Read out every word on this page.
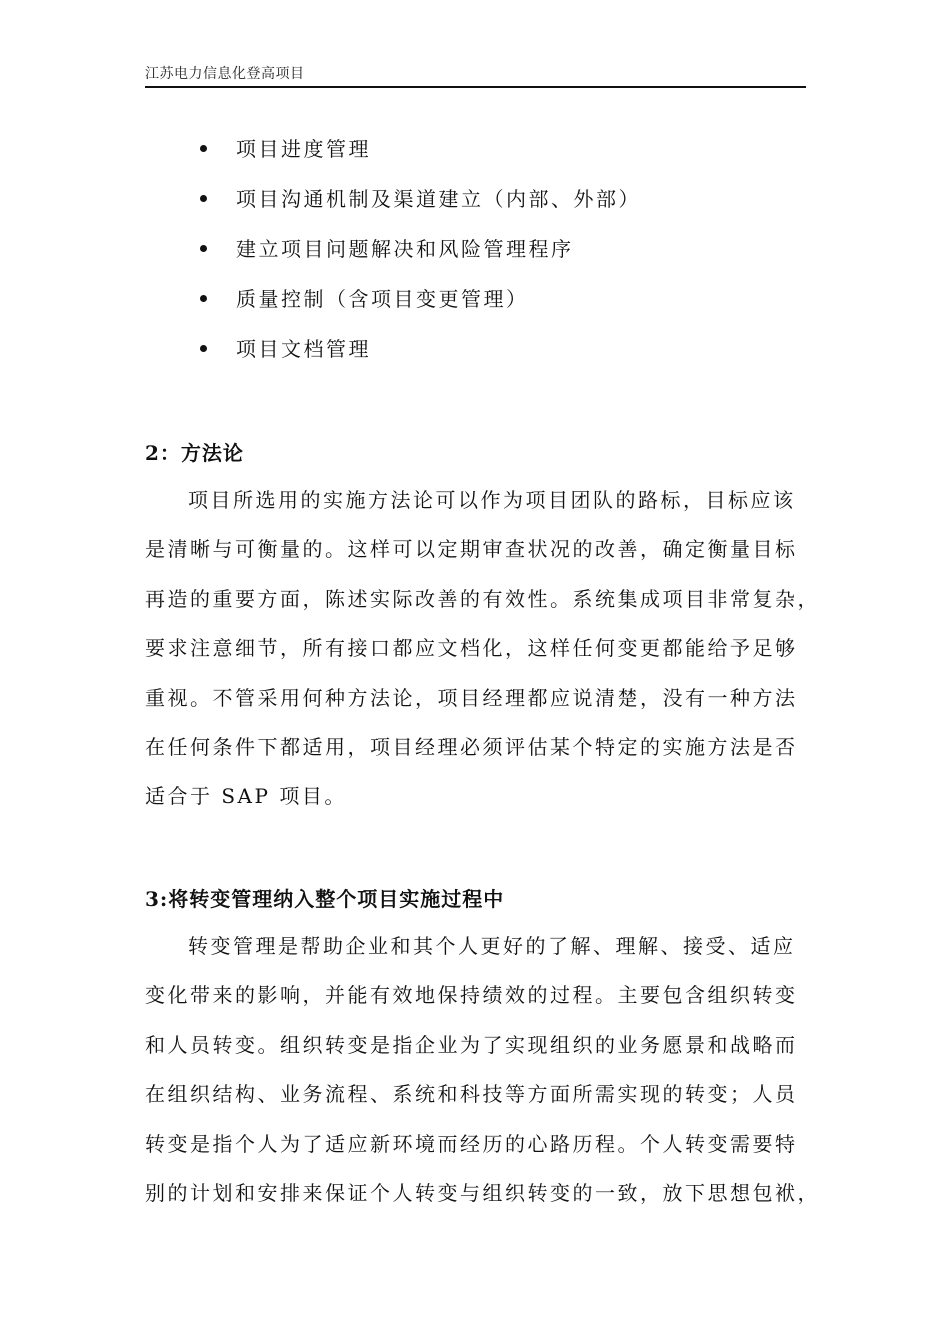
江苏电力信息化登高项目
项目进度管理
项目沟通机制及渠道建立（内部、外部）
建立项目问题解决和风险管理程序
质量控制（含项目变更管理）
项目文档管理
2：方法论
项目所选用的实施方法论可以作为项目团队的路标，目标应该
是清晰与可衡量的。这样可以定期审查状况的改善，确定衡量目标
再造的重要方面，陈述实际改善的有效性。系统集成项目非常复杂，
要求注意细节，所有接口都应文档化，这样任何变更都能给予足够
重视。不管采用何种方法论，项目经理都应说清楚，没有一种方法
在任何条件下都适用，项目经理必须评估某个特定的实施方法是否
适合于 SAP 项目。
3:将转变管理纳入整个项目实施过程中
转变管理是帮助企业和其个人更好的了解、理解、接受、适应
变化带来的影响，并能有效地保持绩效的过程。主要包含组织转变
和人员转变。组织转变是指企业为了实现组织的业务愿景和战略而
在组织结构、业务流程、系统和科技等方面所需实现的转变；人员
转变是指个人为了适应新环境而经历的心路历程。个人转变需要特
别的计划和安排来保证个人转变与组织转变的一致，放下思想包袱，
